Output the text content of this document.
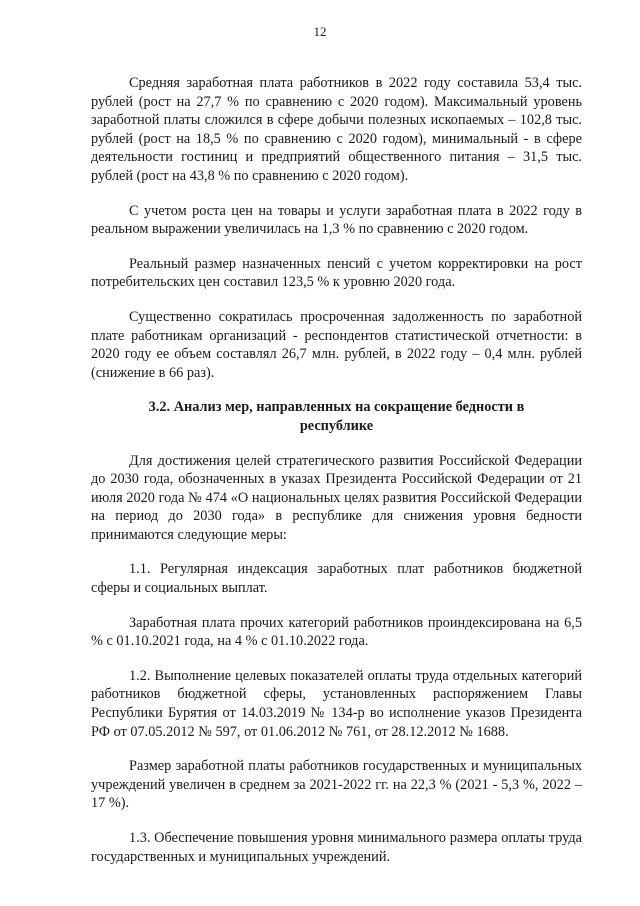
12

Средняя заработная плата работников в 2022 году составила 53,4 тыс. рублей (рост на 27,7 % по сравнению с 2020 годом). Максимальный уровень заработной платы сложился в сфере добычи полезных ископаемых – 102,8 тыс. рублей (рост на 18,5 % по сравнению с 2020 годом), минимальный - в сфере деятельности гостиниц и предприятий общественного питания – 31,5 тыс. рублей (рост на 43,8 % по сравнению с 2020 годом).

С учетом роста цен на товары и услуги заработная плата в 2022 году в реальном выражении увеличилась на 1,3 % по сравнению с 2020 годом.

Реальный размер назначенных пенсий с учетом корректировки на рост потребительских цен составил 123,5 % к уровню 2020 года.

Существенно сократилась просроченная задолженность по заработной плате работникам организаций - респондентов статистической отчетности: в 2020 году ее объем составлял 26,7 млн. рублей, в 2022 году – 0,4 млн. рублей (снижение в 66 раз).

3.2. Анализ мер, направленных на сокращение бедности в республике

Для достижения целей стратегического развития Российской Федерации до 2030 года, обозначенных в указах Президента Российской Федерации от 21 июля 2020 года № 474 «О национальных целях развития Российской Федерации на период до 2030 года» в республике для снижения уровня бедности принимаются следующие меры:

1.1. Регулярная индексация заработных плат работников бюджетной сферы и социальных выплат.

Заработная плата прочих категорий работников проиндексирована на 6,5 % с 01.10.2021 года, на 4 % с 01.10.2022 года.

1.2. Выполнение целевых показателей оплаты труда отдельных категорий работников бюджетной сферы, установленных распоряжением Главы Республики Бурятия от 14.03.2019 № 134-р во исполнение указов Президента РФ от 07.05.2012 № 597, от 01.06.2012 № 761, от 28.12.2012 № 1688.

Размер заработной платы работников государственных и муниципальных учреждений увеличен в среднем за 2021-2022 гг. на 22,3 % (2021 - 5,3 %, 2022 – 17 %).

1.3. Обеспечение повышения уровня минимального размера оплаты труда государственных и муниципальных учреждений.
